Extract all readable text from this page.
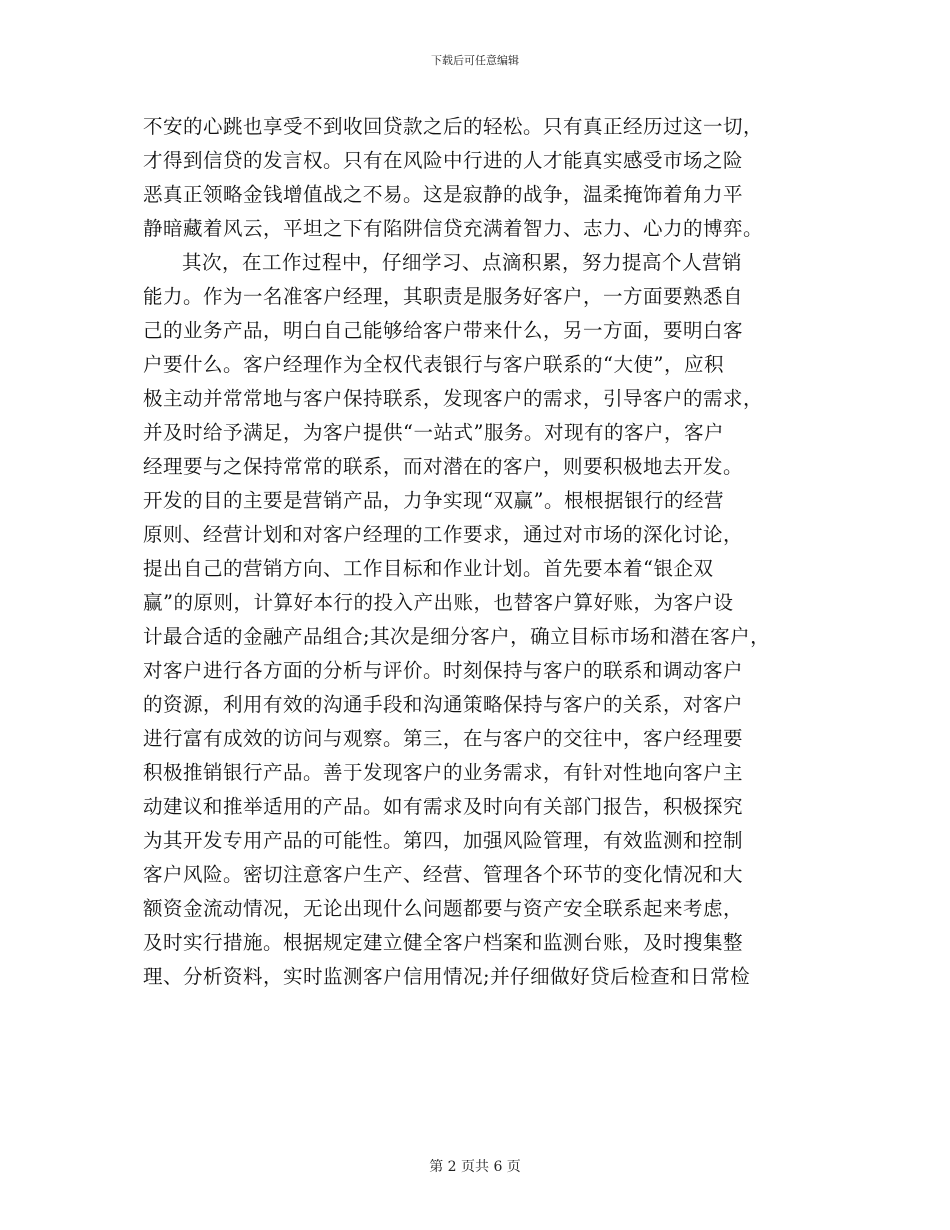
下载后可任意编辑
不安的心跳也享受不到收回贷款之后的轻松。只有真正经历过这一切，
才得到信贷的发言权。只有在风险中行进的人才能真实感受市场之险
恶真正领略金钱增值战之不易。这是寂静的战争，温柔掩饰着角力平
静暗藏着风云，平坦之下有陷阱信贷充满着智力、志力、心力的博弈。
其次，在工作过程中，仔细学习、点滴积累，努力提高个人营销
能力。作为一名准客户经理，其职责是服务好客户，一方面要熟悉自
己的业务产品，明白自己能够给客户带来什么，另一方面，要明白客
户要什么。客户经理作为全权代表银行与客户联系的“大使”，应积
极主动并常常地与客户保持联系，发现客户的需求，引导客户的需求，
并及时给予满足，为客户提供“一站式”服务。对现有的客户，客户
经理要与之保持常常的联系，而对潜在的客户，则要积极地去开发。
开发的目的主要是营销产品，力争实现“双赢”。根根据银行的经营
原则、经营计划和对客户经理的工作要求，通过对市场的深化讨论，
提出自己的营销方向、工作目标和作业计划。首先要本着“银企双
赢”的原则，计算好本行的投入产出账，也替客户算好账，为客户设
计最合适的金融产品组合;其次是细分客户，确立目标市场和潜在客户，
对客户进行各方面的分析与评价。时刻保持与客户的联系和调动客户
的资源，利用有效的沟通手段和沟通策略保持与客户的关系，对客户
进行富有成效的访问与观察。第三，在与客户的交往中，客户经理要
积极推销银行产品。善于发现客户的业务需求，有针对性地向客户主
动建议和推举适用的产品。如有需求及时向有关部门报告，积极探究
为其开发专用产品的可能性。第四，加强风险管理，有效监测和控制
客户风险。密切注意客户生产、经营、管理各个环节的变化情况和大
额资金流动情况，无论出现什么问题都要与资产安全联系起来考虑，
及时实行措施。根据规定建立健全客户档案和监测台账，及时搜集整
理、分析资料，实时监测客户信用情况;并仔细做好贷后检查和日常检
第 2 页共 6 页
